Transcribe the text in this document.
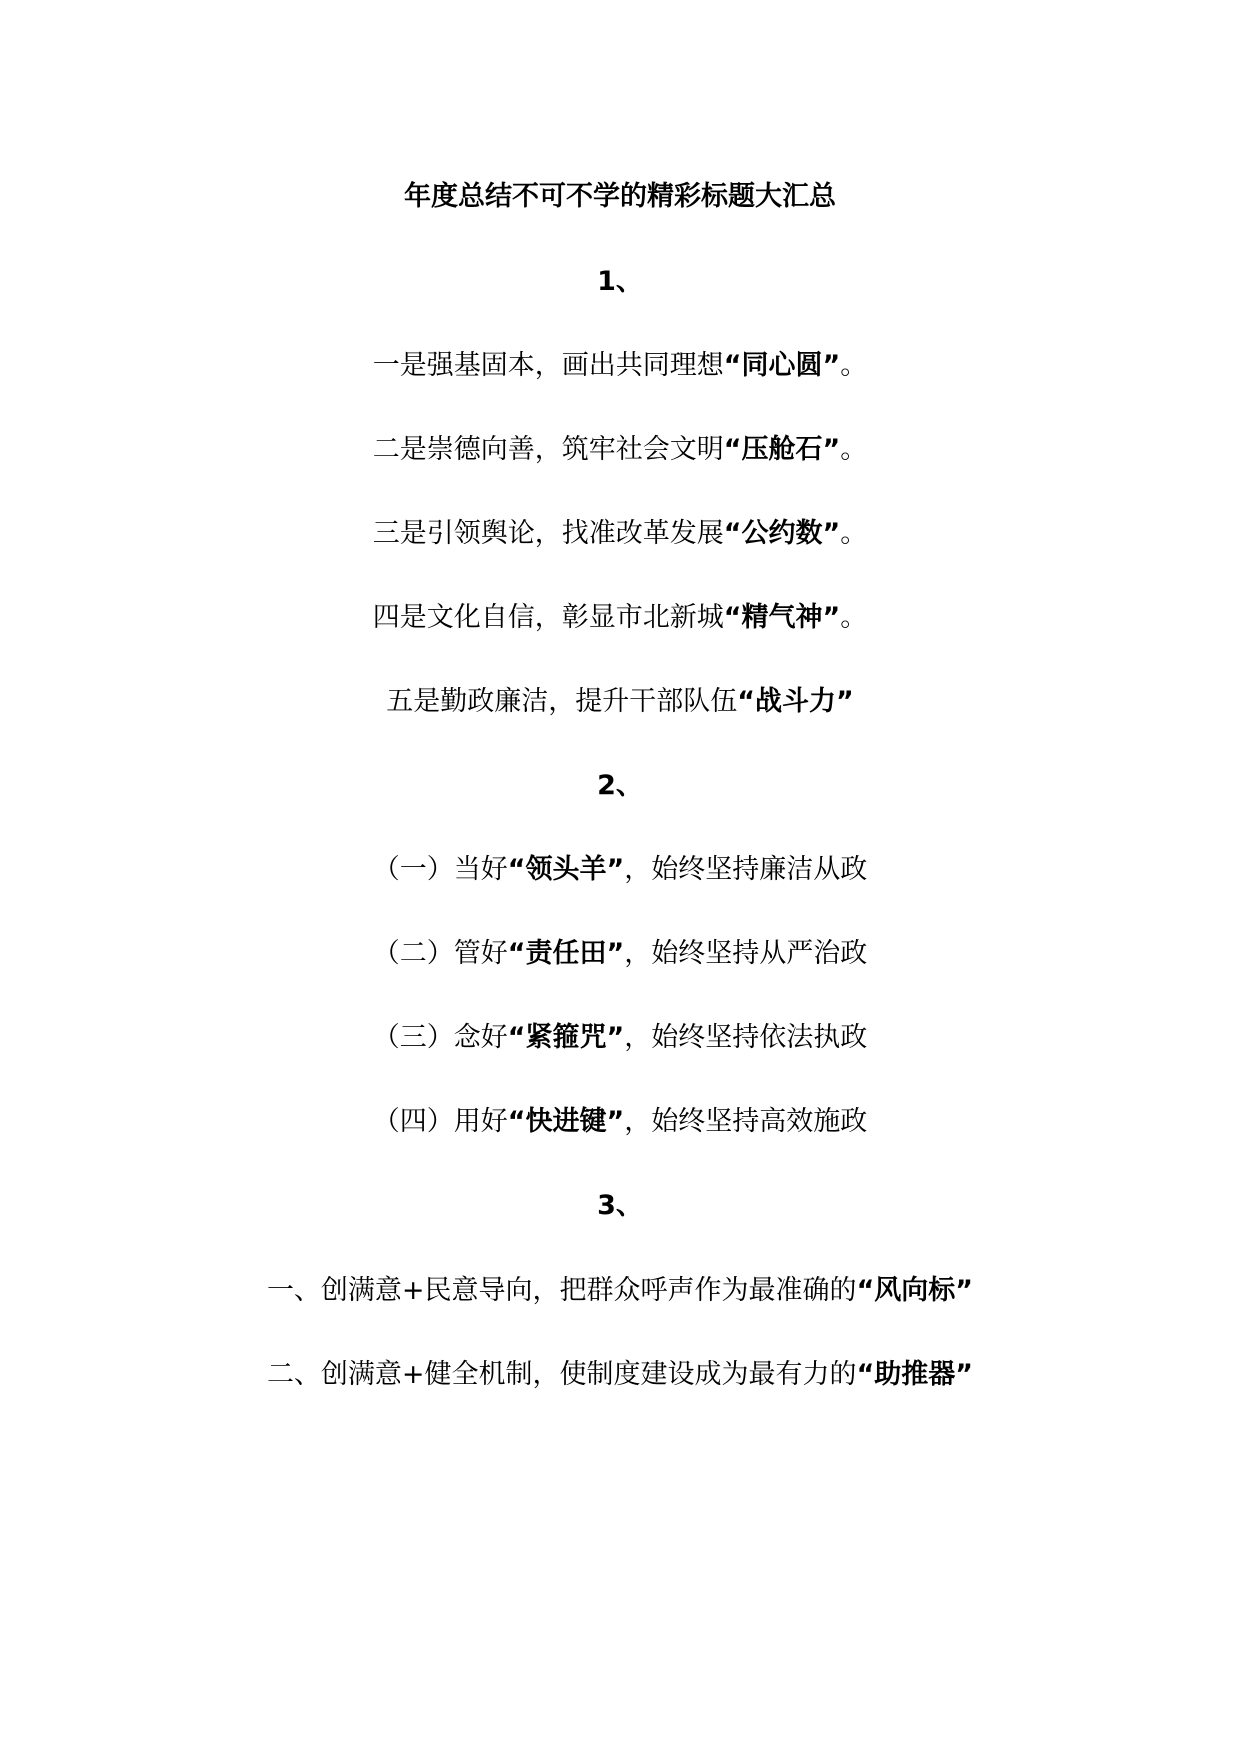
年度总结不可不学的精彩标题大汇总
1、
一是强基固本，画出共同理想“同心圆”。
二是崇德向善，筑牢社会文明“压舱石”。
三是引领舆论，找准改革发展“公约数”。
四是文化自信，彰显市北新城“精气神”。
五是勤政廉洁，提升干部队伍“战斗力”
2、
（一）当好“领头羊”，始终坚持廉洁从政
（二）管好“责任田”，始终坚持从严治政
（三）念好“紧箍咒”，始终坚持依法执政
（四）用好“快进键”，始终坚持高效施政
3、
一、创满意+民意导向，把群众呼声作为最准确的“风向标”
二、创满意+健全机制，使制度建设成为最有力的“助推器”
